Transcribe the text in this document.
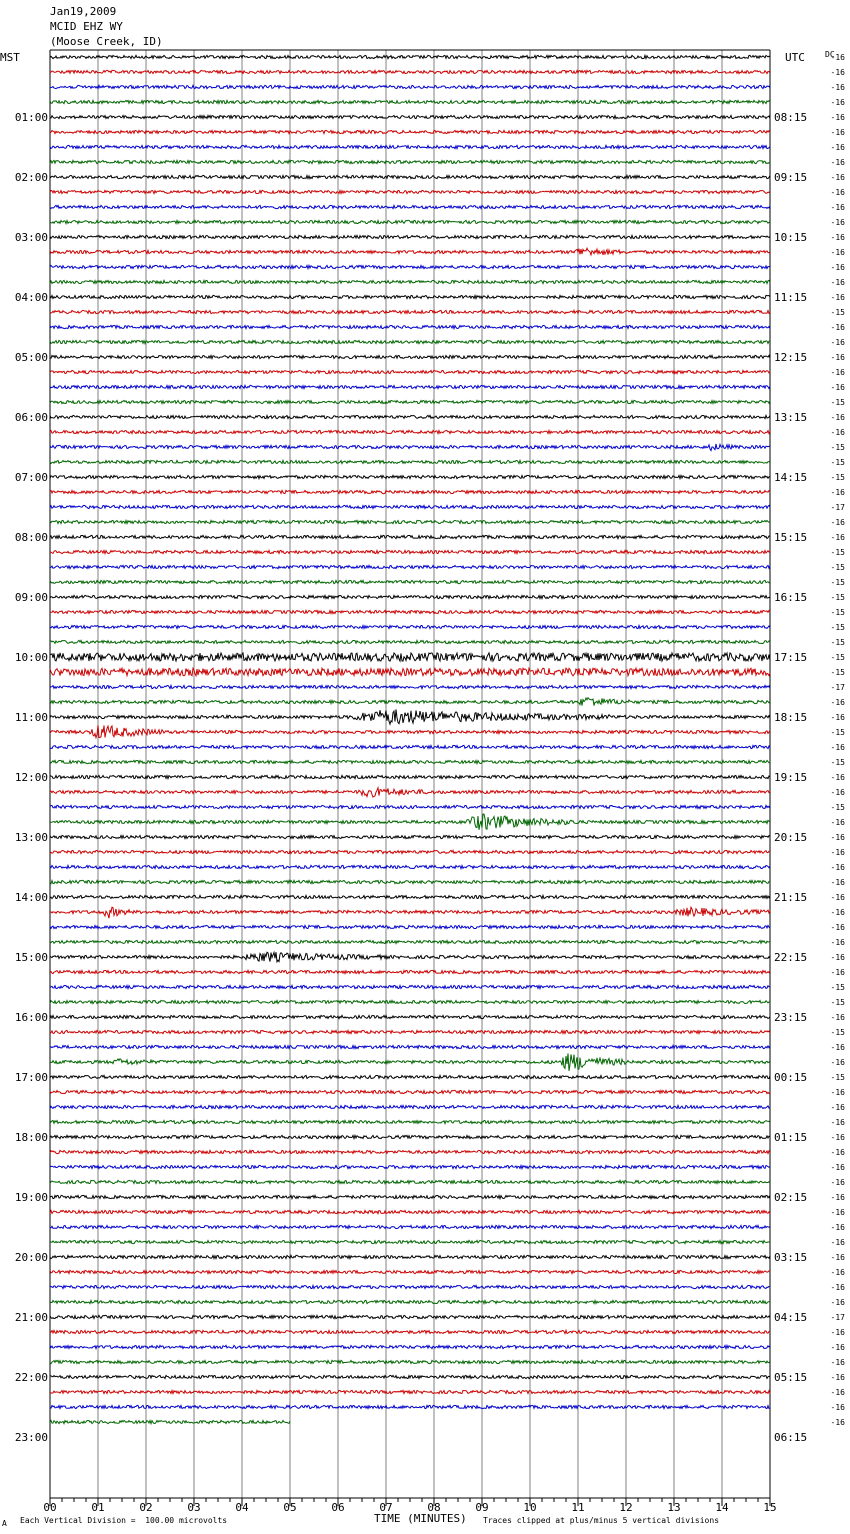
Jan19,2009
MCID EHZ WY
(Moose Creek, ID)
MST	UTC	DC
00	01	02	03	04	05	06	07	08	09	10	11	12	13	14	15
01:00
02:00
03:00
04:00
05:00
06:00
07:00
08:00
09:00
10:00
11:00
12:00
13:00
14:00
15:00
16:00
17:00
18:00
19:00
20:00
21:00
22:00
23:00
08:15
09:15
10:15
11:15
12:15
13:15
14:15
15:15
16:15
17:15
18:15
19:15
20:15
21:15
22:15
23:15
00:15
01:15
02:15
03:15
04:15
05:15
06:15
-16
-16
-16
-16
-16
-16
-16
-16
-16
-16
-16
-16
-16
-16
-16
-16
-16
-15
-16
-16
-16
-16
-16
-15
-16
-16
-15
-15
-15
-16
-17
-16
-16
-15
-15
-15
-15
-15
-15
-15
-15
-15
-17
-16
-16
-15
-16
-15
-16
-16
-15
-16
-16
-16
-16
-16
-16
-16
-16
-16
-16
-16
-15
-15
-16
-15
-16
-16
-15
-16
-16
-16
-16
-16
-16
-16
-16
-16
-16
-16
-16
-16
-16
-16
-17
-16
-16
-16
-16
-16
-16
-16
A Each Vertical Division =  100.00 microvolts	TIME (MINUTES) Traces clipped at plus/minus 5 vertical divisions
